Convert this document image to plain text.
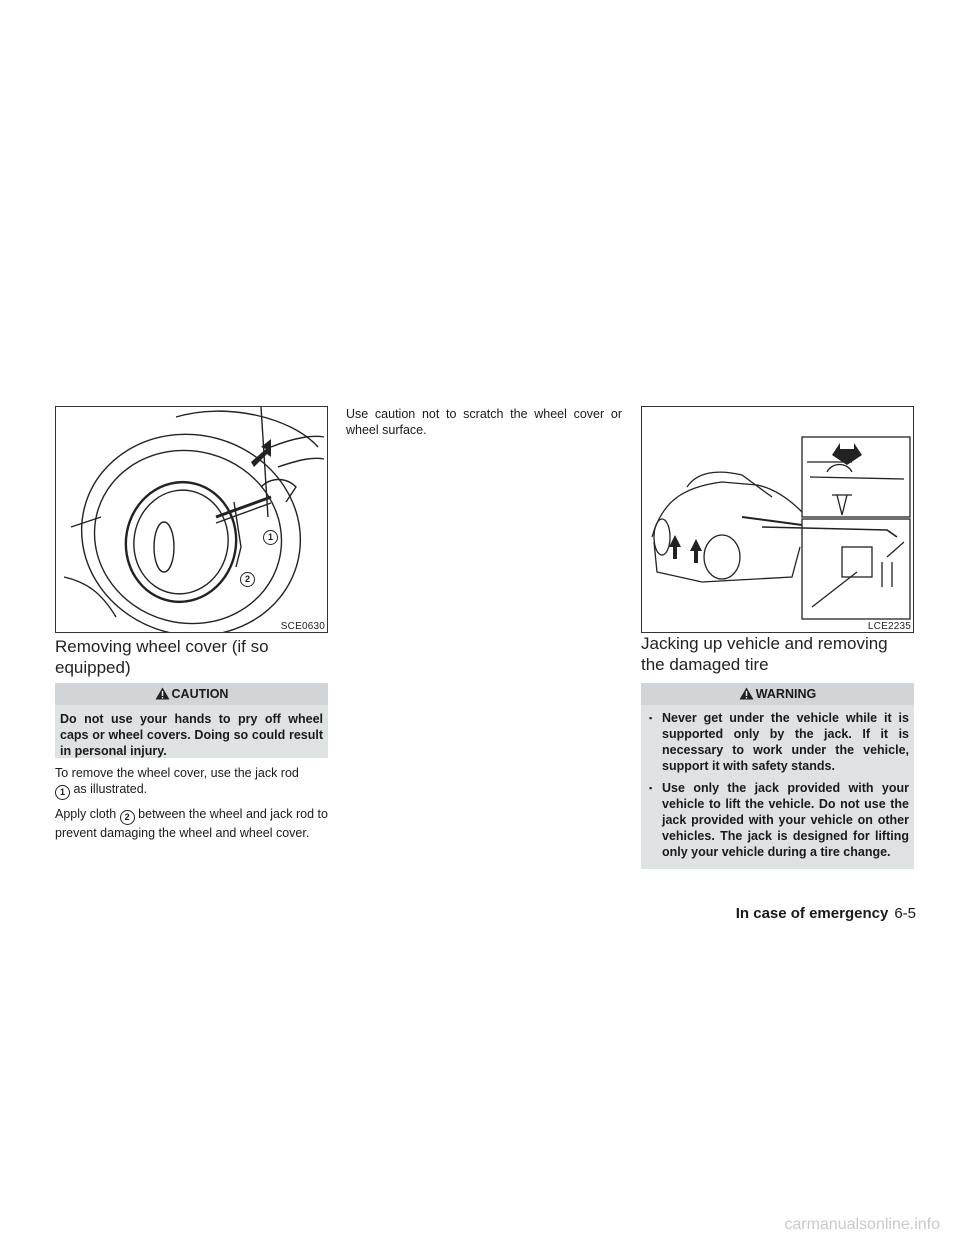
1
2
SCE0630
Removing wheel cover (if so equipped)
CAUTION
Do not use your hands to pry off wheel caps or wheel covers. Doing so could result in personal injury.

To remove the wheel cover, use the jack rod
1 as illustrated.

Apply cloth 2 between the wheel and jack rod to prevent damaging the wheel and wheel cover.

Use caution not to scratch the wheel cover or wheel surface.

LCE2235
Jacking up vehicle and removing the damaged tire
WARNING
▪ Never get under the vehicle while it is supported only by the jack. If it is necessary to work under the vehicle, support it with safety stands.
▪ Use only the jack provided with your vehicle to lift the vehicle. Do not use the jack provided with your vehicle on other vehicles. The jack is designed for lifting only your vehicle during a tire change.
In case of emergency 6-5
carmanualsonline.info
